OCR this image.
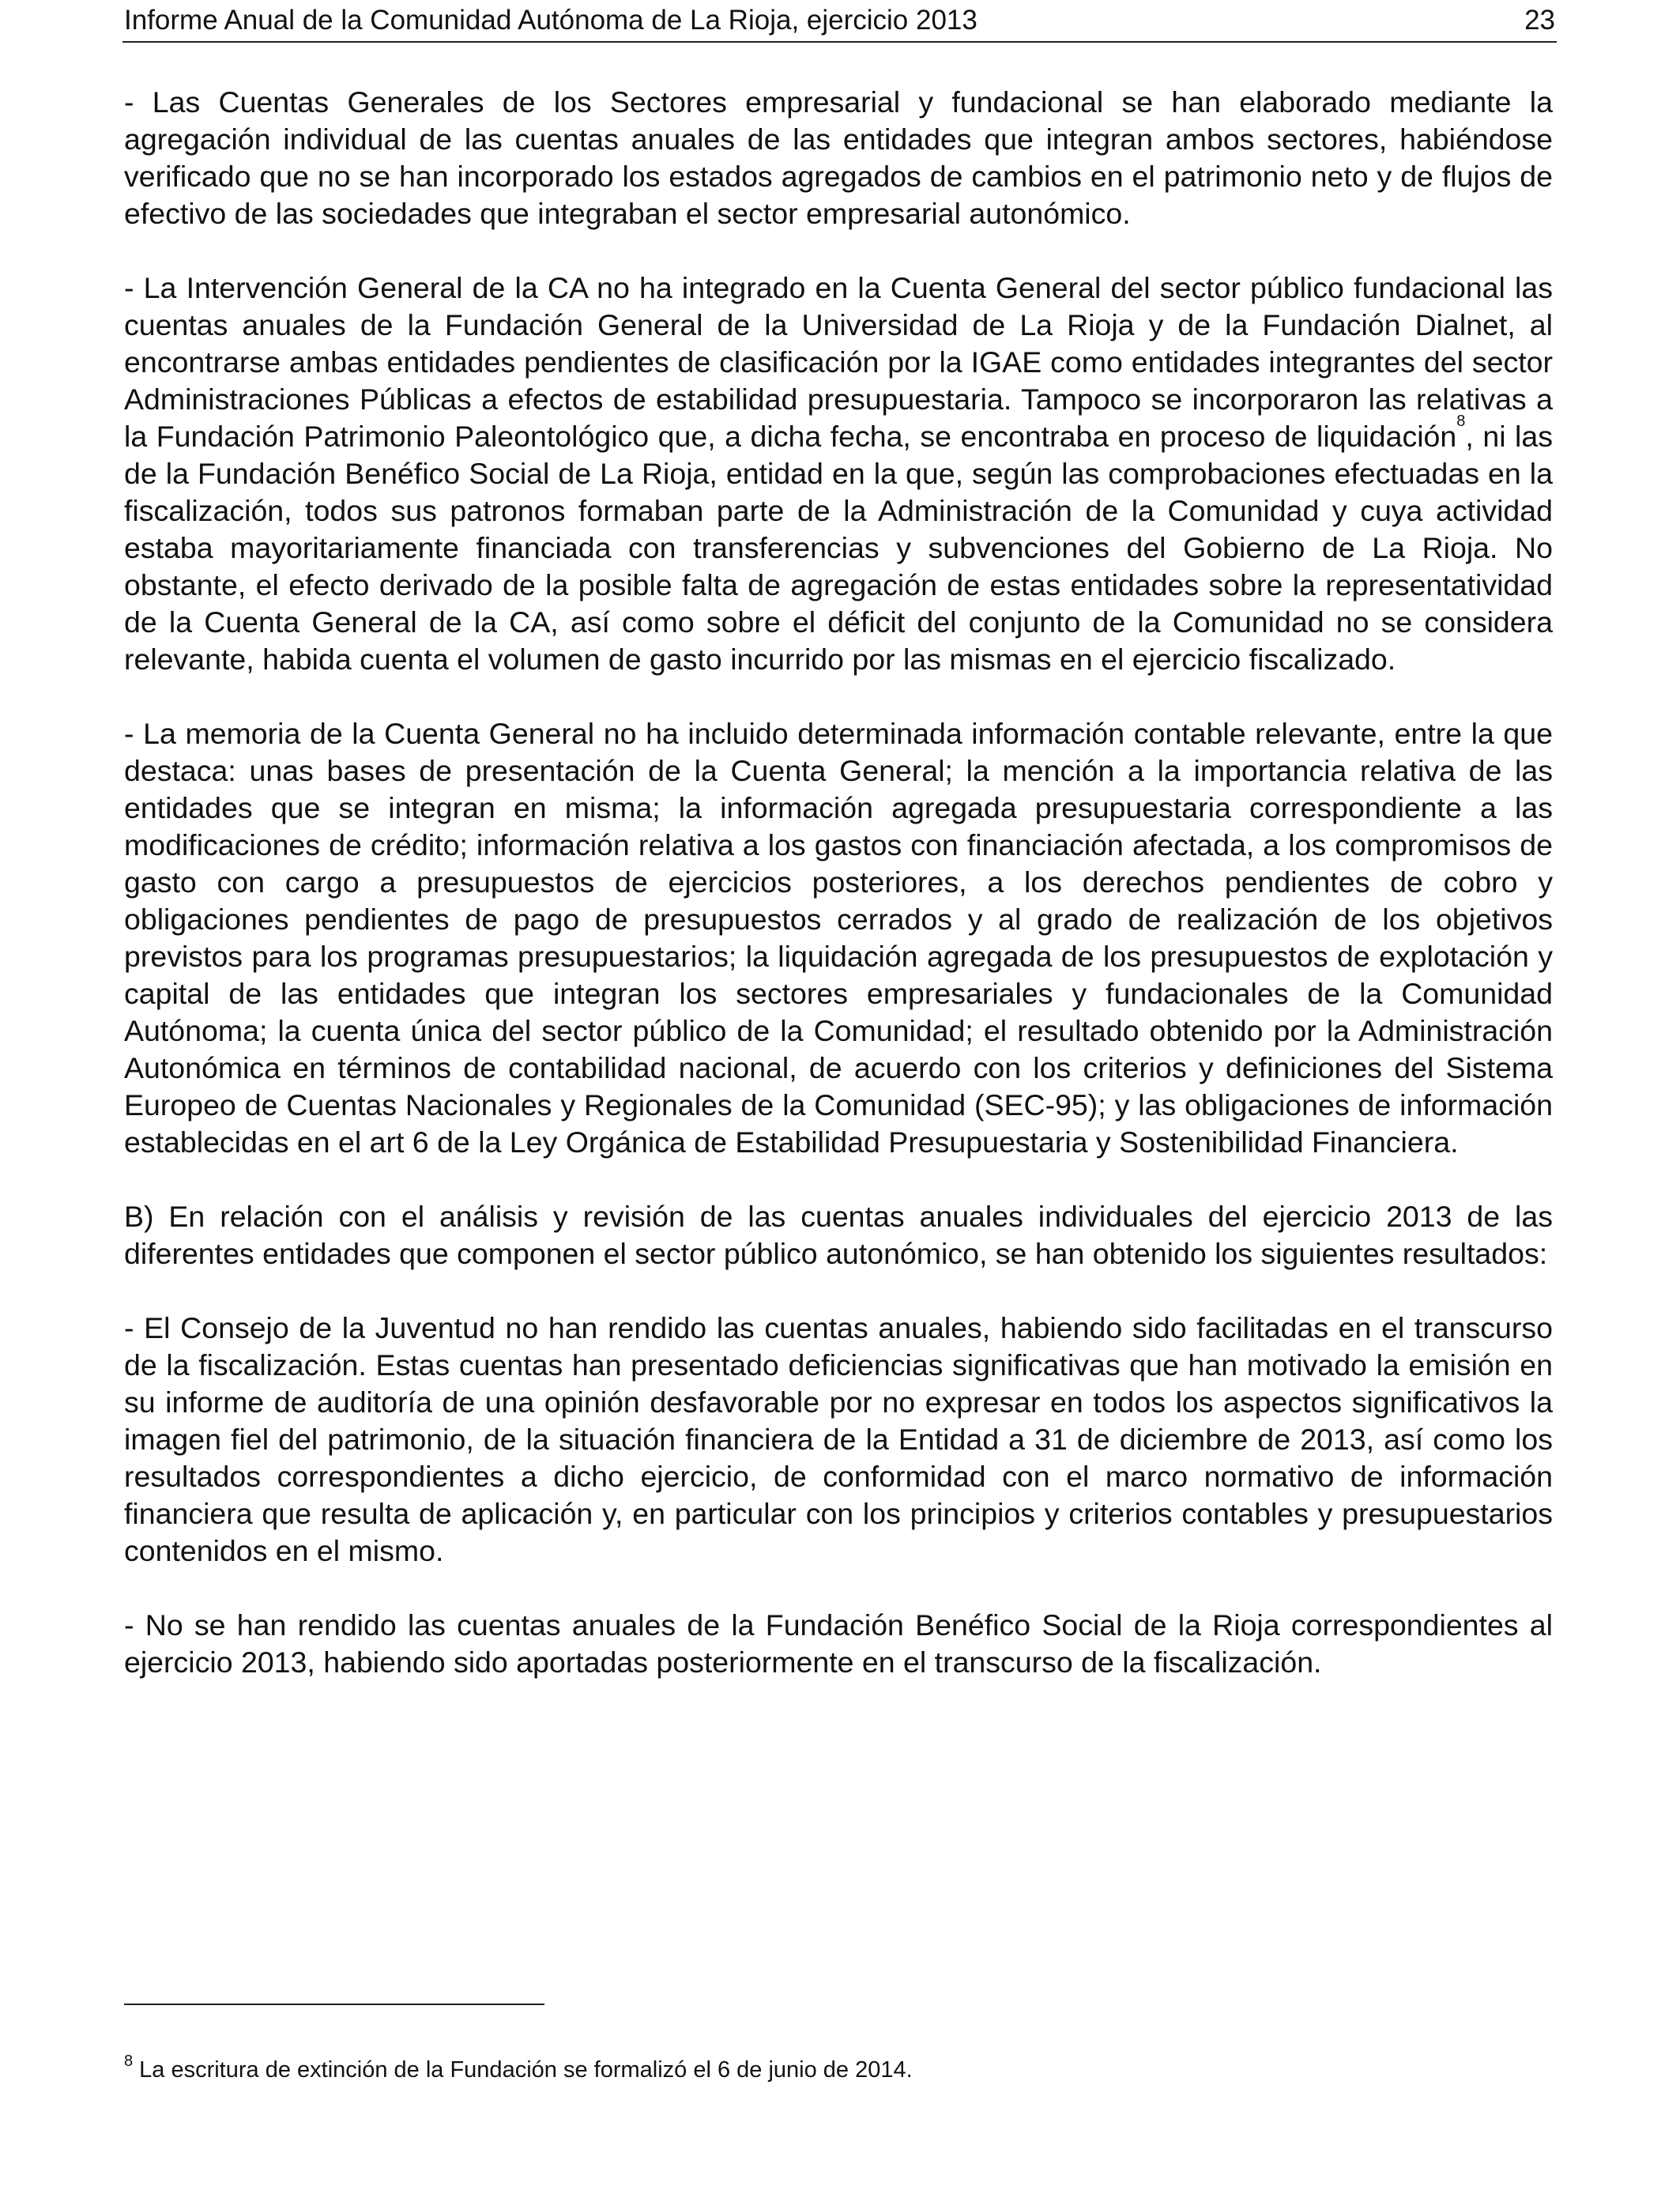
Informe Anual de la Comunidad Autónoma de La Rioja, ejercicio 2013	23

- Las Cuentas Generales de los Sectores empresarial y fundacional se han elaborado mediante la agregación individual de las cuentas anuales de las entidades que integran ambos sectores, habiéndose verificado que no se han incorporado los estados agregados de cambios en el patrimonio neto y de flujos de efectivo de las sociedades que integraban el sector empresarial autonómico.

- La Intervención General de la CA no ha integrado en la Cuenta General del sector público fundacional las cuentas anuales de la Fundación General de la Universidad de La Rioja y de la Fundación Dialnet, al encontrarse ambas entidades pendientes de clasificación por la IGAE como entidades integrantes del sector Administraciones Públicas a efectos de estabilidad presupuestaria. Tampoco se incorporaron las relativas a la Fundación Patrimonio Paleontológico que, a dicha fecha, se encontraba en proceso de liquidación$^8$, ni las de la Fundación Benéfico Social de La Rioja, entidad en la que, según las comprobaciones efectuadas en la fiscalización, todos sus patronos formaban parte de la Administración de la Comunidad y cuya actividad estaba mayoritariamente financiada con transferencias y subvenciones del Gobierno de La Rioja. No obstante, el efecto derivado de la posible falta de agregación de estas entidades sobre la representatividad de la Cuenta General de la CA, así como sobre el déficit del conjunto de la Comunidad no se considera relevante, habida cuenta el volumen de gasto incurrido por las mismas en el ejercicio fiscalizado.

- La memoria de la Cuenta General no ha incluido determinada información contable relevante, entre la que destaca: unas bases de presentación de la Cuenta General; la mención a la importancia relativa de las entidades que se integran en misma; la información agregada presupuestaria correspondiente a las modificaciones de crédito; información relativa a los gastos con financiación afectada, a los compromisos de gasto con cargo a presupuestos de ejercicios posteriores, a los derechos pendientes de cobro y obligaciones pendientes de pago de presupuestos cerrados y al grado de realización de los objetivos previstos para los programas presupuestarios; la liquidación agregada de los presupuestos de explotación y capital de las entidades que integran los sectores empresariales y fundacionales de la Comunidad Autónoma; la cuenta única del sector público de la Comunidad; el resultado obtenido por la Administración Autonómica en términos de contabilidad nacional, de acuerdo con los criterios y definiciones del Sistema Europeo de Cuentas Nacionales y Regionales de la Comunidad (SEC-95); y las obligaciones de información establecidas en el art 6 de la Ley Orgánica de Estabilidad Presupuestaria y Sostenibilidad Financiera.

B) En relación con el análisis y revisión de las cuentas anuales individuales del ejercicio 2013 de las diferentes entidades que componen el sector público autonómico, se han obtenido los siguientes resultados:

- El Consejo de la Juventud no han rendido las cuentas anuales, habiendo sido facilitadas en el transcurso de la fiscalización. Estas cuentas han presentado deficiencias significativas que han motivado la emisión en su informe de auditoría de una opinión desfavorable por no expresar en todos los aspectos significativos la imagen fiel del patrimonio, de la situación financiera de la Entidad a 31 de diciembre de 2013, así como los resultados correspondientes a dicho ejercicio, de conformidad con el marco normativo de información financiera que resulta de aplicación y, en particular con los principios y criterios contables y presupuestarios contenidos en el mismo.

- No se han rendido las cuentas anuales de la Fundación Benéfico Social de la Rioja correspondientes al ejercicio 2013, habiendo sido aportadas posteriormente en el transcurso de la fiscalización.

$^8$ La escritura de extinción de la Fundación se formalizó el 6 de junio de 2014.
